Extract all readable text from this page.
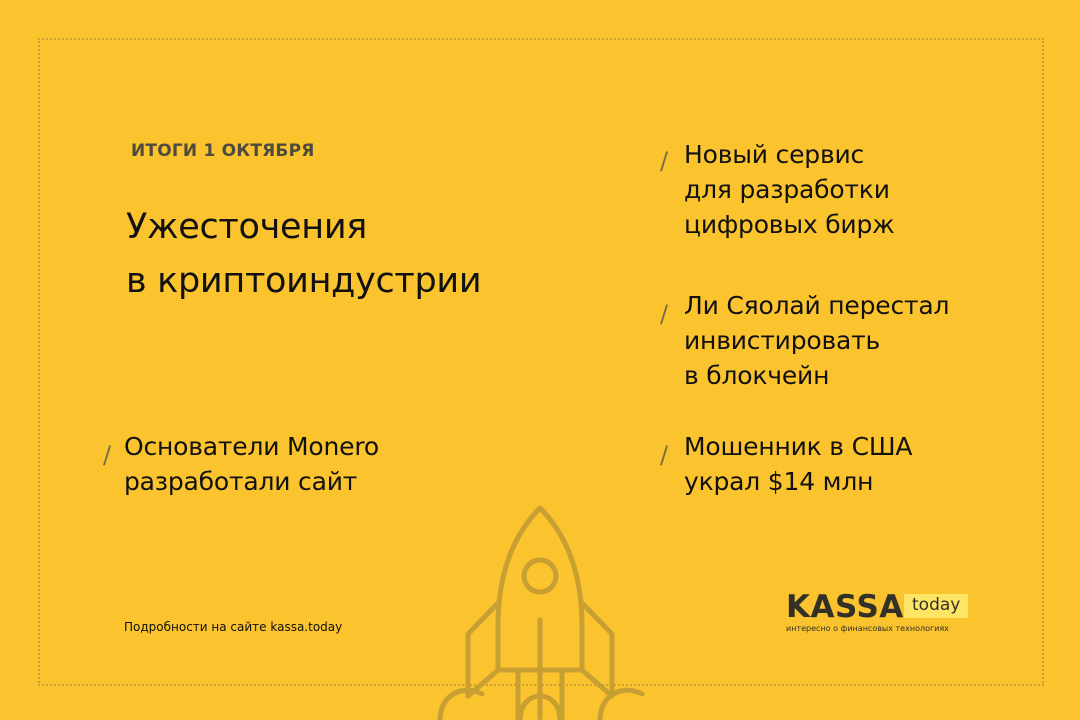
ИТОГИ 1 ОКТЯБРЯ
Ужесточения
в криптоиндустрии
/ Новый сервис
для разработки
цифровых бирж
/ Ли Сяолай перестал
инвистировать
в блокчейн
/ Основатели Monero
разработали сайт
/ Мошенник в США
украл $14 млн
Подробности на сайте kassa.today
KASSA today
интересно о финансовых технологиях
